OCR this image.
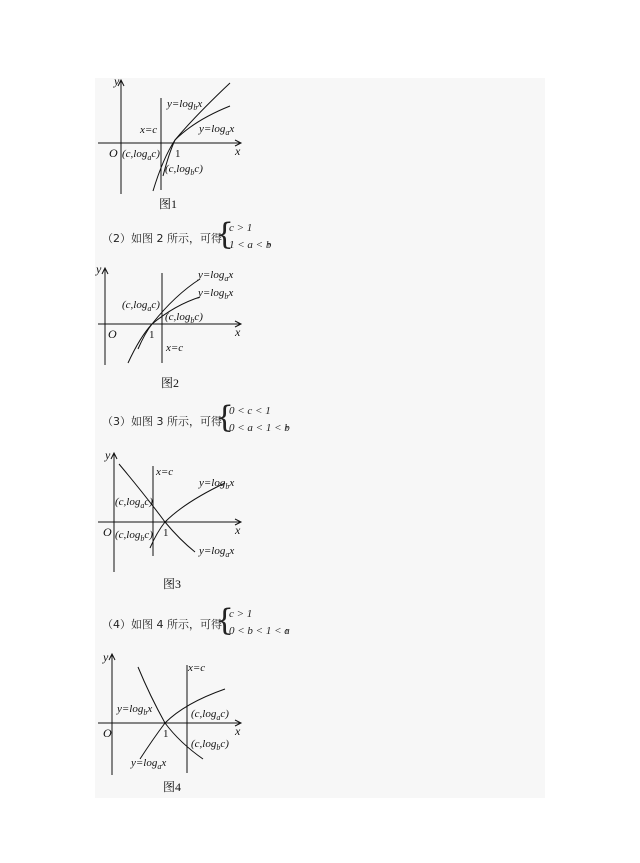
y
x
O	1
x=c
$y=\log_bx$
$y=\log_ax$
$(c,\log_ac)$
$(c,\log_bc)$
图1
（2）如图 2 所示，可得
{
c > 1
1 < a < b
，
y
x
O	1
x=c
$y=\log_ax$
$y=\log_bx$
$(c,\log_ac)$
$(c,\log_bc)$
图2
（3）如图 3 所示，可得
{
0 < c < 1
0 < a < 1 < b
，
y
x
O	1
x=c
$y=\log_bx$
$y=\log_ax$
$(c,\log_ac)$
$(c,\log_bc)$
图3
（4）如图 4 所示，可得
{
c > 1
0 < b < 1 < a
，
y
x
O	1
x=c
$y=\log_bx$
$y=\log_ax$
$(c,\log_ac)$
$(c,\log_bc)$
图4
